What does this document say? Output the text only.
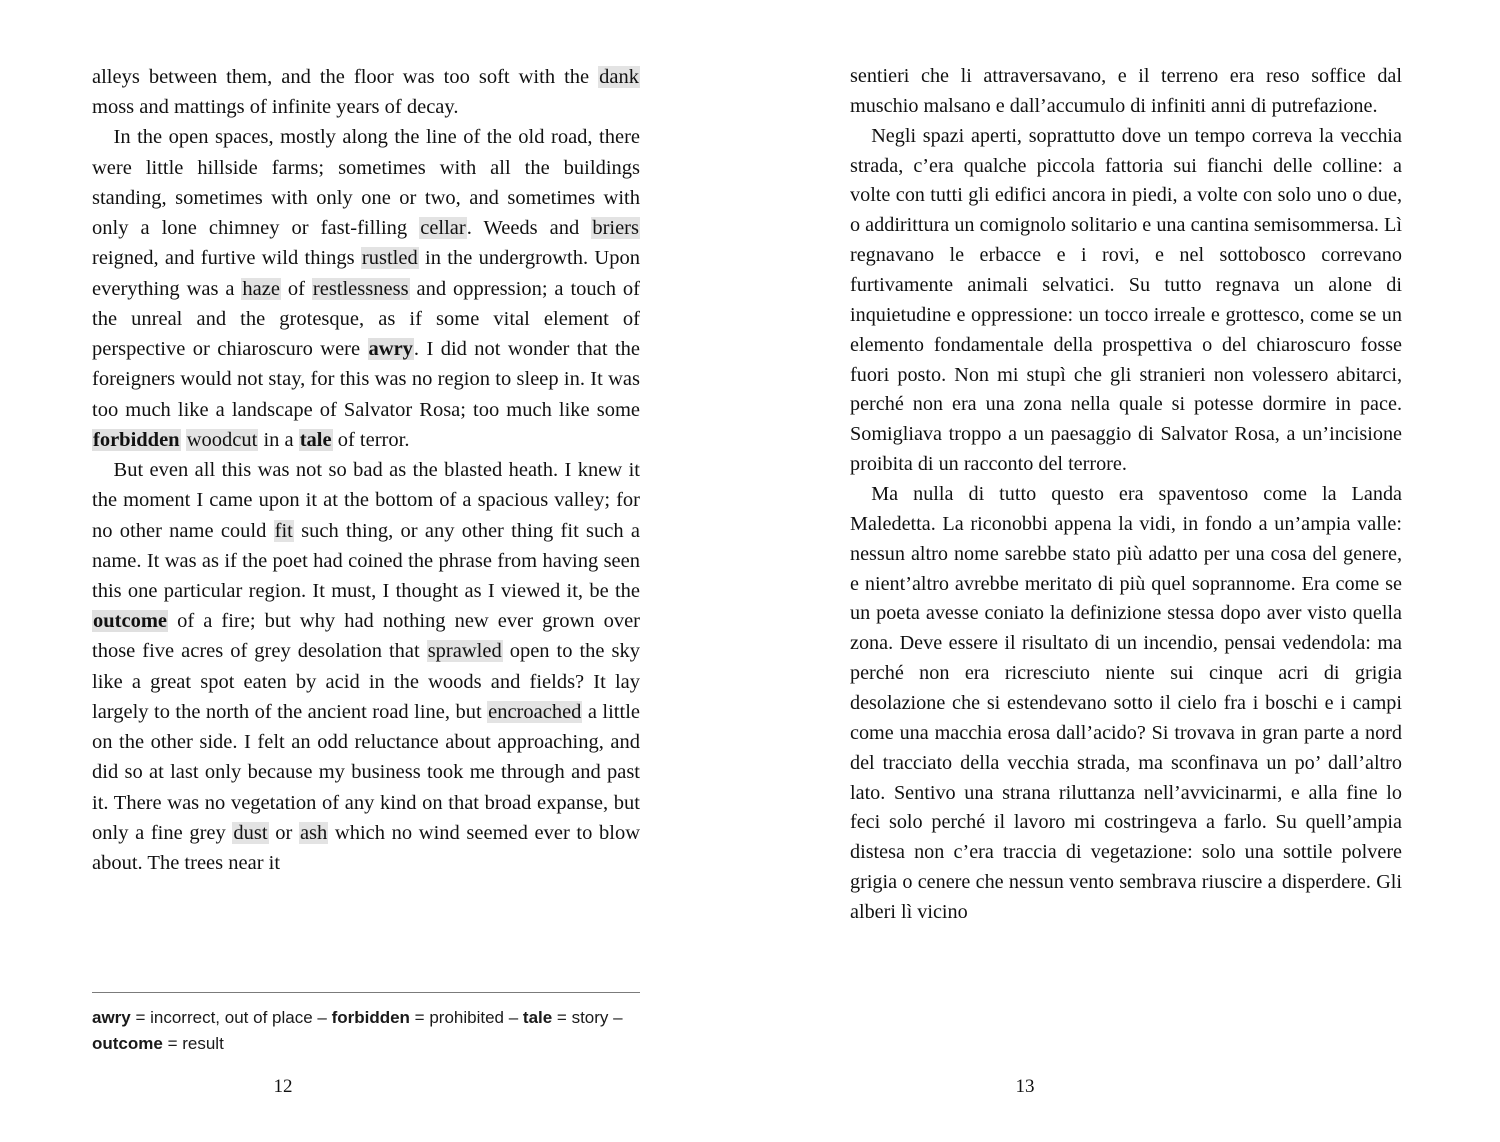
alleys between them, and the floor was too soft with the dank moss and mattings of infinite years of decay.

In the open spaces, mostly along the line of the old road, there were little hillside farms; sometimes with all the buildings standing, sometimes with only one or two, and sometimes with only a lone chimney or fast-filling cellar. Weeds and briers reigned, and furtive wild things rustled in the undergrowth. Upon everything was a haze of restlessness and oppression; a touch of the unreal and the grotesque, as if some vital element of perspective or chiaroscuro were awry. I did not wonder that the foreigners would not stay, for this was no region to sleep in. It was too much like a landscape of Salvator Rosa; too much like some forbidden woodcut in a tale of terror.

But even all this was not so bad as the blasted heath. I knew it the moment I came upon it at the bottom of a spacious valley; for no other name could fit such thing, or any other thing fit such a name. It was as if the poet had coined the phrase from having seen this one particular region. It must, I thought as I viewed it, be the outcome of a fire; but why had nothing new ever grown over those five acres of grey desolation that sprawled open to the sky like a great spot eaten by acid in the woods and fields? It lay largely to the north of the ancient road line, but encroached a little on the other side. I felt an odd reluctance about approaching, and did so at last only because my business took me through and past it. There was no vegetation of any kind on that broad expanse, but only a fine grey dust or ash which no wind seemed ever to blow about. The trees near it

awry = incorrect, out of place – forbidden = prohibited – tale = story – outcome = result
12

sentieri che li attraversavano, e il terreno era reso soffice dal muschio malsano e dall’accumulo di infiniti anni di putrefazione.

Negli spazi aperti, soprattutto dove un tempo correva la vecchia strada, c’era qualche piccola fattoria sui fianchi delle colline: a volte con tutti gli edifici ancora in piedi, a volte con solo uno o due, o addirittura un comignolo solitario e una cantina semisommersa. Lì regnavano le erbacce e i rovi, e nel sottobosco correvano furtivamente animali selvatici. Su tutto regnava un alone di inquietudine e oppressione: un tocco irreale e grottesco, come se un elemento fondamentale della prospettiva o del chiaroscuro fosse fuori posto. Non mi stupì che gli stranieri non volessero abitarci, perché non era una zona nella quale si potesse dormire in pace. Somigliava troppo a un paesaggio di Salvator Rosa, a un’incisione proibita di un racconto del terrore.

Ma nulla di tutto questo era spaventoso come la Landa Maledetta. La riconobbi appena la vidi, in fondo a un’ampia valle: nessun altro nome sarebbe stato più adatto per una cosa del genere, e nient’altro avrebbe meritato di più quel soprannome. Era come se un poeta avesse coniato la definizione stessa dopo aver visto quella zona. Deve essere il risultato di un incendio, pensai vedendola: ma perché non era ricresciuto niente sui cinque acri di grigia desolazione che si estendevano sotto il cielo fra i boschi e i campi come una macchia erosa dall’acido? Si trovava in gran parte a nord del tracciato della vecchia strada, ma sconfinava un po’ dall’altro lato. Sentivo una strana riluttanza nell’avvicinarmi, e alla fine lo feci solo perché il lavoro mi costringeva a farlo. Su quell’ampia distesa non c’era traccia di vegetazione: solo una sottile polvere grigia o cenere che nessun vento sembrava riuscire a disperdere. Gli alberi lì vicino

13
